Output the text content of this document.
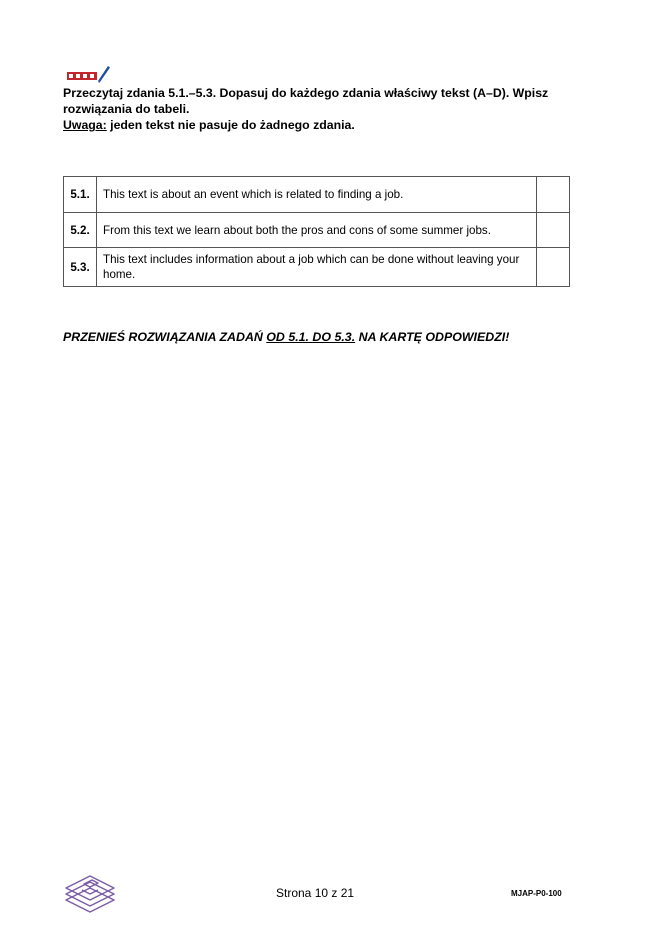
Przeczytaj zdania 5.1.–5.3. Dopasuj do każdego zdania właściwy tekst (A–D). Wpisz rozwiązania do tabeli.

Uwaga: jeden tekst nie pasuje do żadnego zdania.

5.1.	This text is about an event which is related to finding a job.	
5.2.	From this text we learn about both the pros and cons of some summer jobs.	
5.3.	This text includes information about a job which can be done without leaving your home.	
PRZENIEŚ ROZWIĄZANIA ZADAŃ OD 5.1. DO 5.3. NA KARTĘ ODPOWIEDZI!
Strona 10 z 21	MJAP-P0-100
